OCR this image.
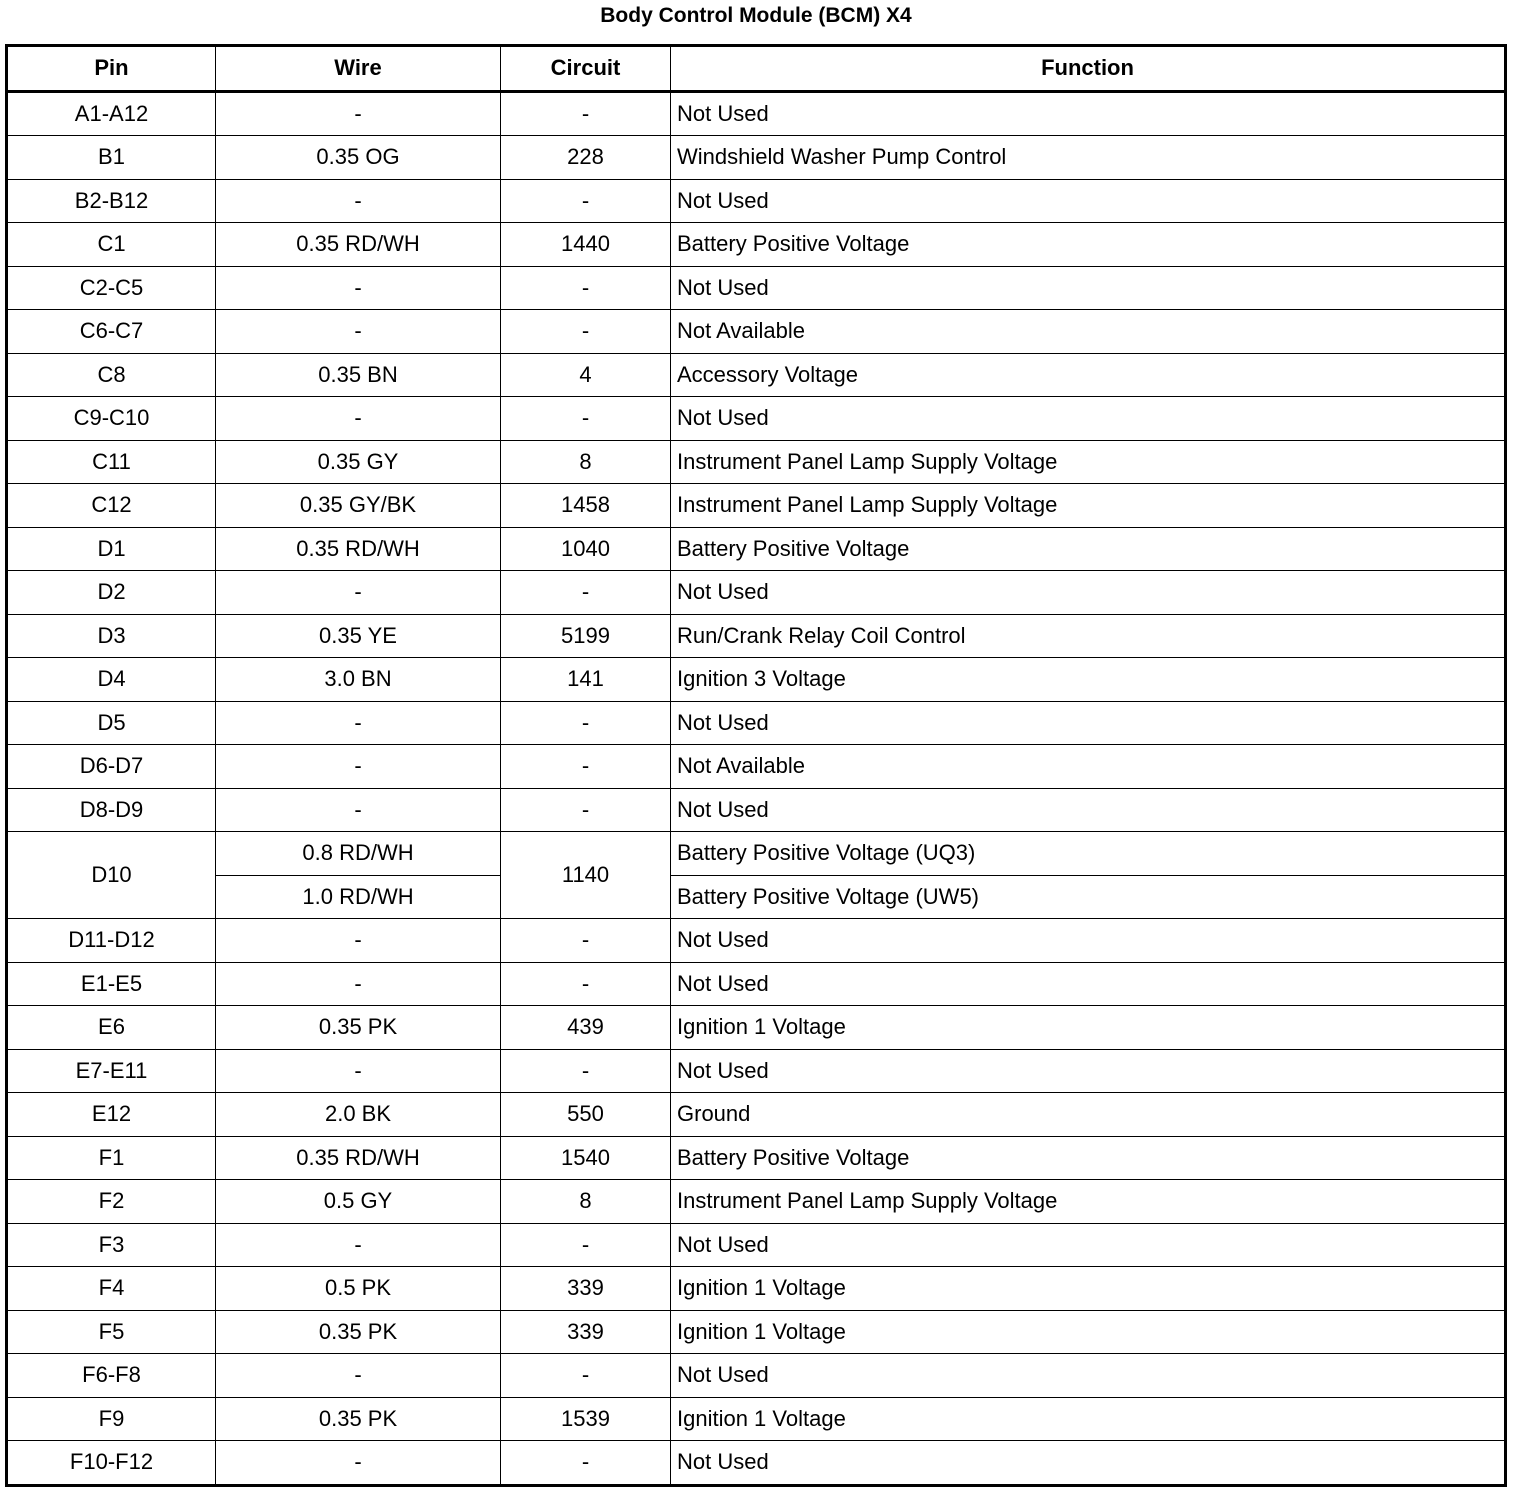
Body Control Module (BCM) X4
Pin	Wire	Circuit	Function
A1-A12	-	-	Not Used
B1	0.35 OG	228	Windshield Washer Pump Control
B2-B12	-	-	Not Used
C1	0.35 RD/WH	1440	Battery Positive Voltage
C2-C5	-	-	Not Used
C6-C7	-	-	Not Available
C8	0.35 BN	4	Accessory Voltage
C9-C10	-	-	Not Used
C11	0.35 GY	8	Instrument Panel Lamp Supply Voltage
C12	0.35 GY/BK	1458	Instrument Panel Lamp Supply Voltage
D1	0.35 RD/WH	1040	Battery Positive Voltage
D2	-	-	Not Used
D3	0.35 YE	5199	Run/Crank Relay Coil Control
D4	3.0 BN	141	Ignition 3 Voltage
D5	-	-	Not Used
D6-D7	-	-	Not Available
D8-D9	-	-	Not Used
D10	0.8 RD/WH	1140	Battery Positive Voltage (UQ3)
	1.0 RD/WH		Battery Positive Voltage (UW5)
D11-D12	-	-	Not Used
E1-E5	-	-	Not Used
E6	0.35 PK	439	Ignition 1 Voltage
E7-E11	-	-	Not Used
E12	2.0 BK	550	Ground
F1	0.35 RD/WH	1540	Battery Positive Voltage
F2	0.5 GY	8	Instrument Panel Lamp Supply Voltage
F3	-	-	Not Used
F4	0.5 PK	339	Ignition 1 Voltage
F5	0.35 PK	339	Ignition 1 Voltage
F6-F8	-	-	Not Used
F9	0.35 PK	1539	Ignition 1 Voltage
F10-F12	-	-	Not Used
